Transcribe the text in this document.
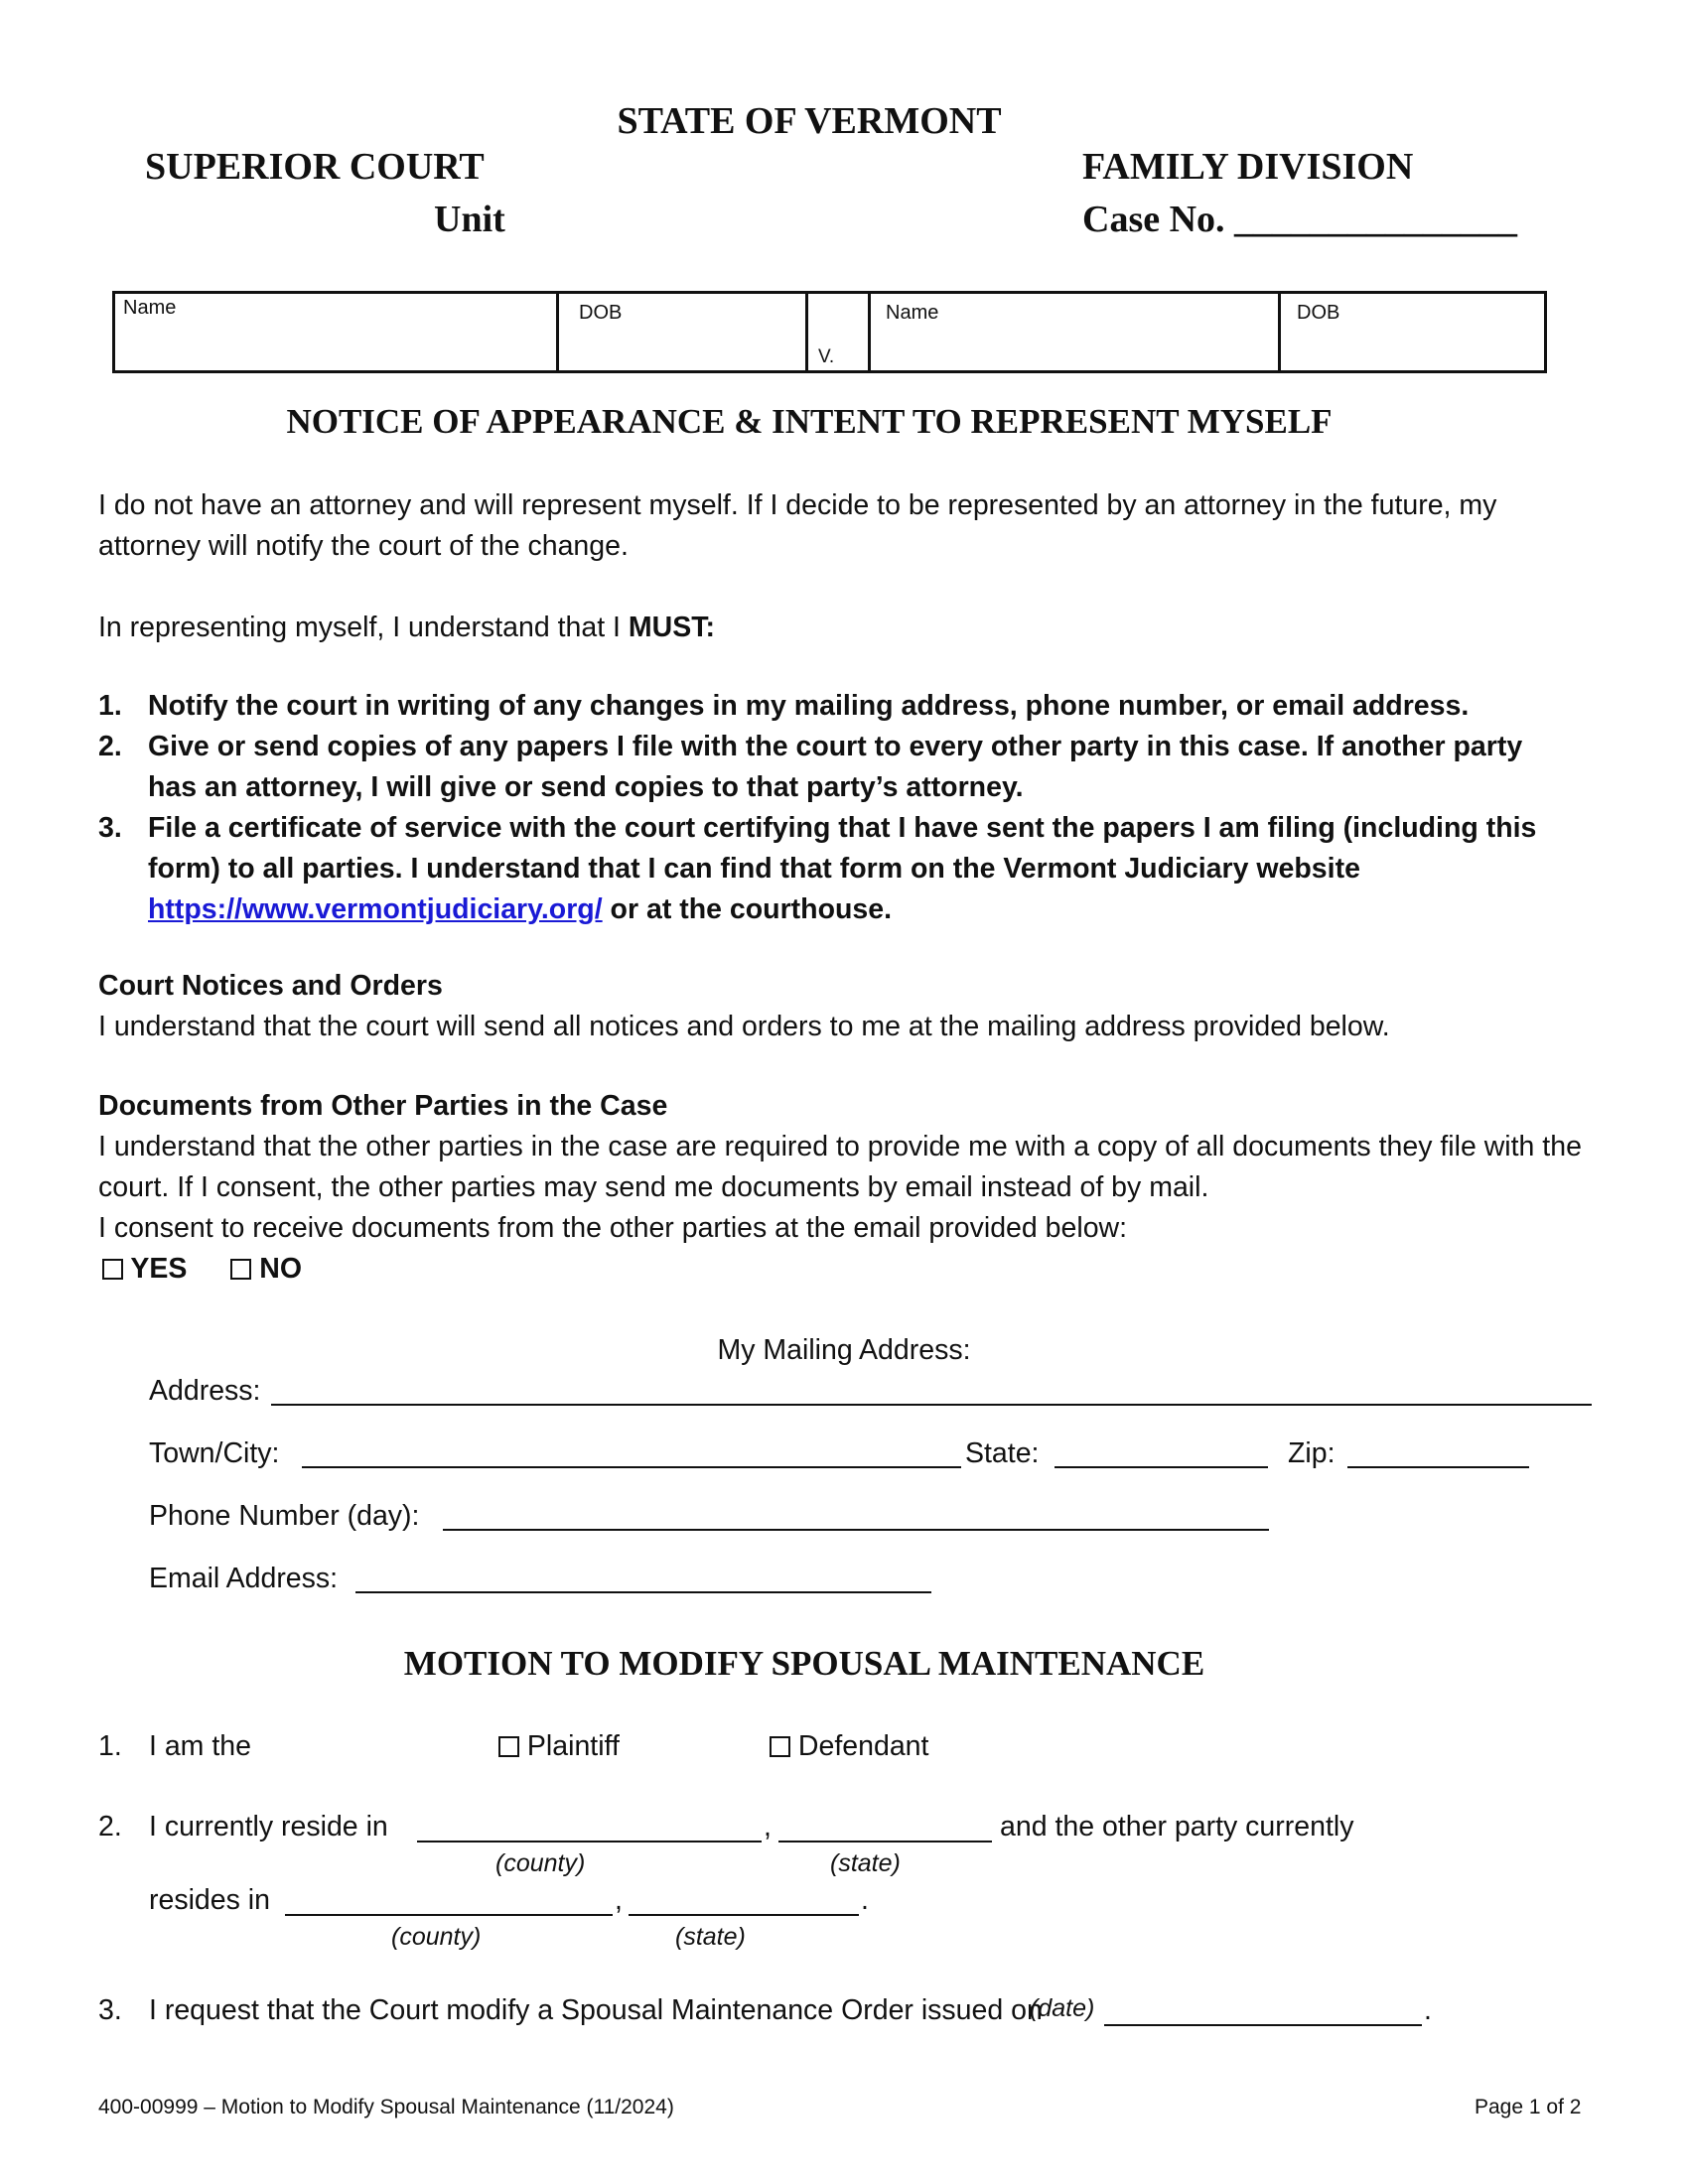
STATE OF VERMONT
SUPERIOR COURT
Unit
FAMILY DIVISION
Case No. _______________
Name	DOB

V.

Name	DOB
NOTICE OF APPEARANCE & INTENT TO REPRESENT MYSELF
I do not have an attorney and will represent myself. If I decide to be represented by an attorney in the future, my attorney will notify the court of the change.
In representing myself, I understand that I MUST:
1. Notify the court in writing of any changes in my mailing address, phone number, or email address.
2. Give or send copies of any papers I file with the court to every other party in this case. If another party has an attorney, I will give or send copies to that party’s attorney.
3. File a certificate of service with the court certifying that I have sent the papers I am filing (including this form) to all parties. I understand that I can find that form on the Vermont Judiciary website https://www.vermontjudiciary.org/ or at the courthouse.
Court Notices and Orders
I understand that the court will send all notices and orders to me at the mailing address provided below.
Documents from Other Parties in the Case
I understand that the other parties in the case are required to provide me with a copy of all documents they file with the court. If I consent, the other parties may send me documents by email instead of by mail.
I consent to receive documents from the other parties at the email provided below:
YES	NO
My Mailing Address:
Address:
Town/City:	State:	Zip:
Phone Number (day):
Email Address:
MOTION TO MODIFY SPOUSAL MAINTENANCE
1. I am the	Plaintiff	Defendant
2. I currently reside in	,	and the other party currently
(county)	(state)
resides in	,	.
(county)	(state)
3. I request that the Court modify a Spousal Maintenance Order issued on
(date)	.
400-00999 – Motion to Modify Spousal Maintenance (11/2024)	Page 1 of 2
